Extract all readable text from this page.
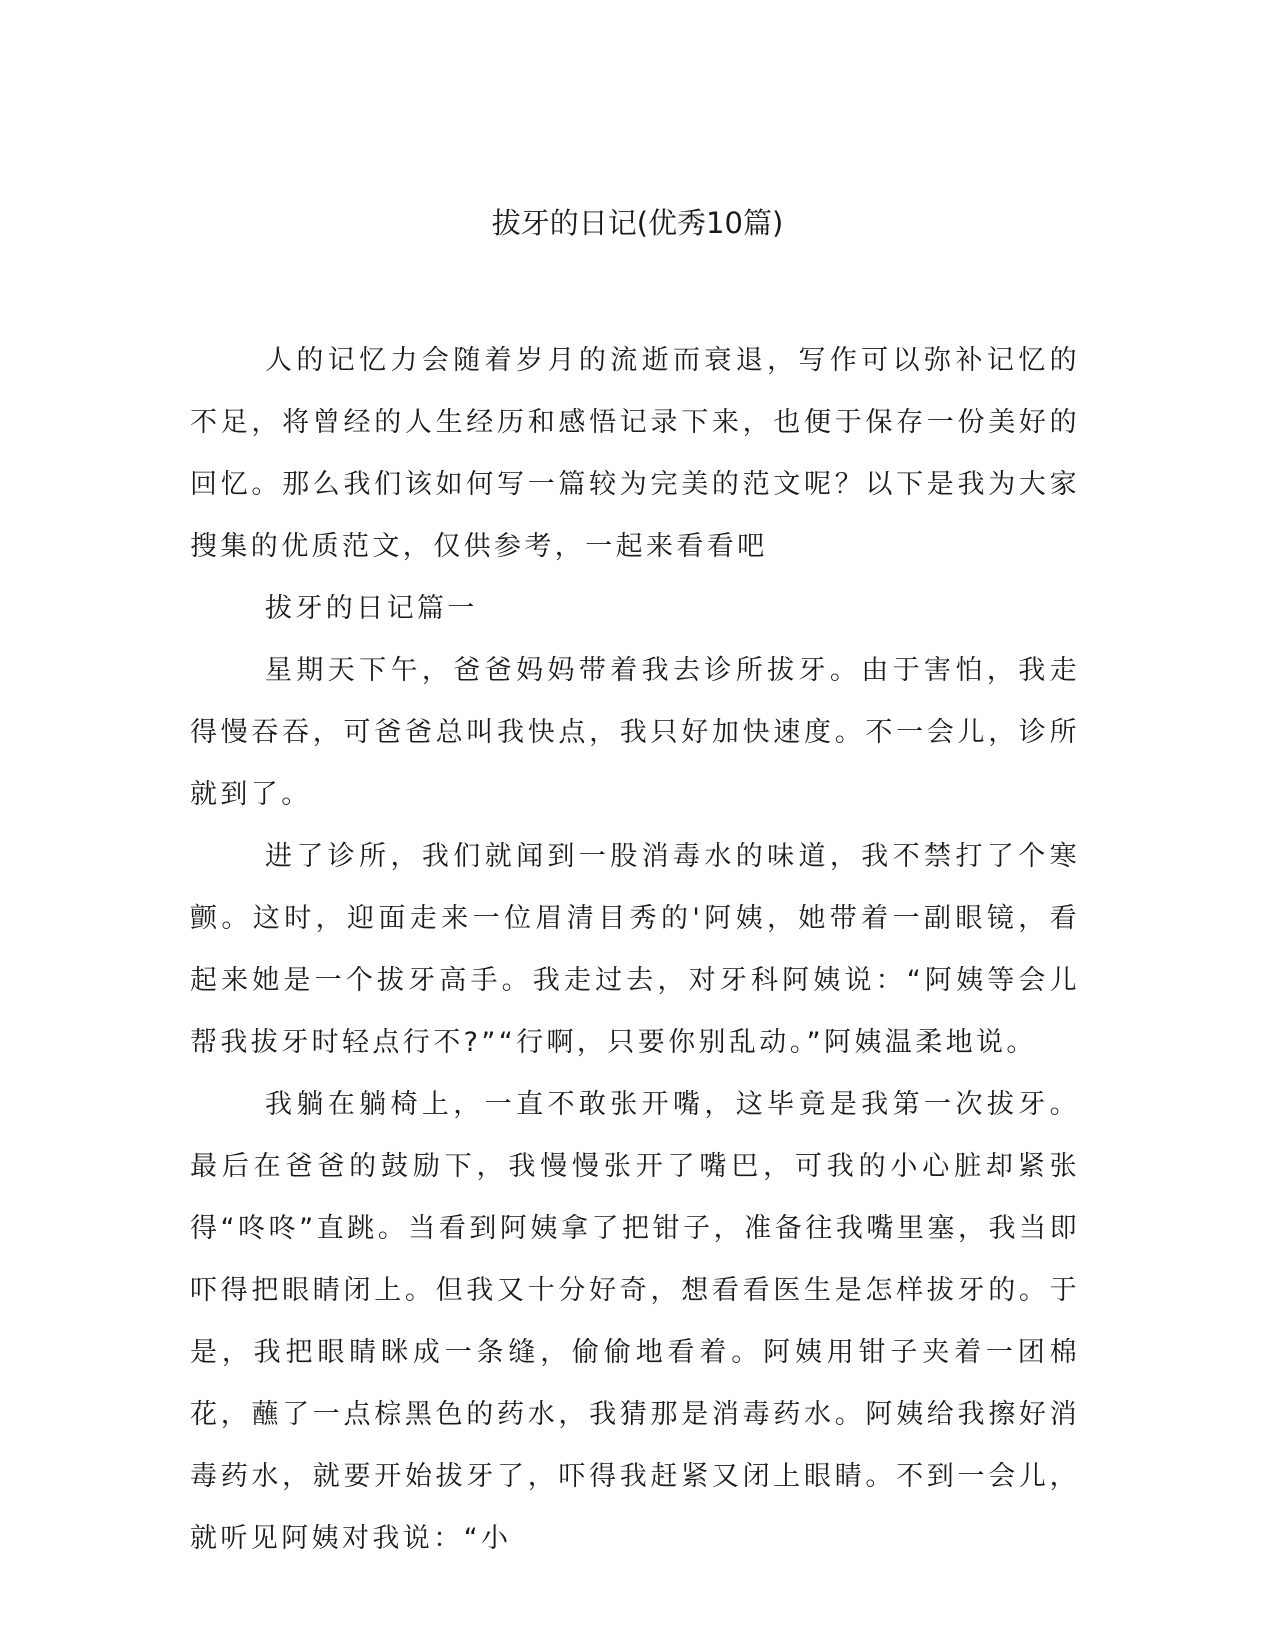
拔牙的日记(优秀10篇)

人的记忆力会随着岁月的流逝而衰退，写作可以弥补记忆的不足，将曾经的人生经历和感悟记录下来，也便于保存一份美好的回忆。那么我们该如何写一篇较为完美的范文呢？以下是我为大家搜集的优质范文，仅供参考，一起来看看吧

拔牙的日记篇一

星期天下午，爸爸妈妈带着我去诊所拔牙。由于害怕，我走得慢吞吞，可爸爸总叫我快点，我只好加快速度。不一会儿，诊所就到了。

进了诊所，我们就闻到一股消毒水的味道，我不禁打了个寒颤。这时，迎面走来一位眉清目秀的'阿姨，她带着一副眼镜，看起来她是一个拔牙高手。我走过去，对牙科阿姨说：“阿姨等会儿帮我拔牙时轻点行不?”“行啊，只要你别乱动。”阿姨温柔地说。

我躺在躺椅上，一直不敢张开嘴，这毕竟是我第一次拔牙。最后在爸爸的鼓励下，我慢慢张开了嘴巴，可我的小心脏却紧张得“咚咚”直跳。当看到阿姨拿了把钳子，准备往我嘴里塞，我当即吓得把眼睛闭上。但我又十分好奇，想看看医生是怎样拔牙的。于是，我把眼睛眯成一条缝，偷偷地看着。阿姨用钳子夹着一团棉花，蘸了一点棕黑色的药水，我猜那是消毒药水。阿姨给我擦好消毒药水，就要开始拔牙了，吓得我赶紧又闭上眼睛。不到一会儿，就听见阿姨对我说：“小
